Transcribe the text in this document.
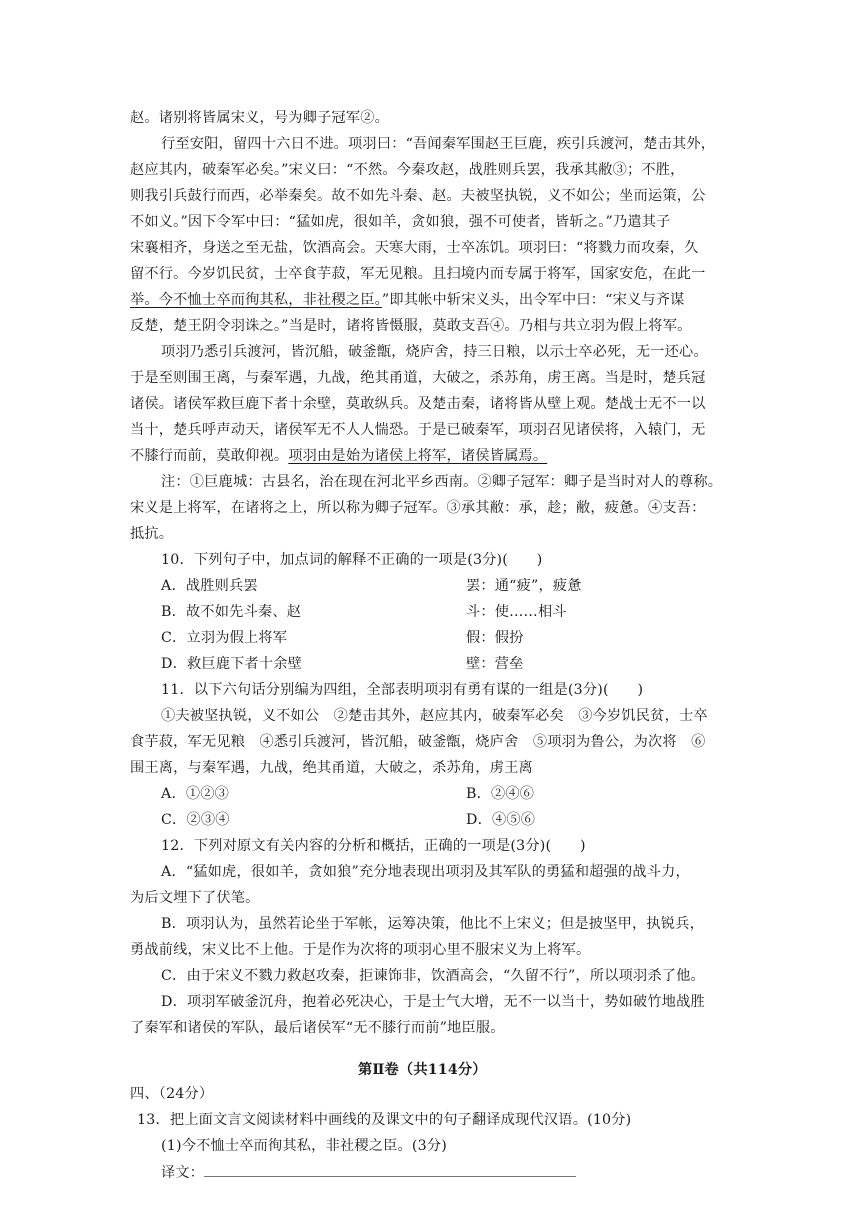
赵。诸别将皆属宋义，号为卿子冠军②。
行至安阳，留四十六日不进。项羽曰：“吾闻秦军围赵王巨鹿，疾引兵渡河，楚击其外，
赵应其内，破秦军必矣。”宋义曰：“不然。今秦攻赵，战胜则兵罢，我承其敝③；不胜，
则我引兵鼓行而西，必举秦矣。故不如先斗秦、赵。夫被坚执锐，义不如公；坐而运策，公
不如义。”因下令军中曰：“猛如虎，很如羊，贪如狼，强不可使者，皆斩之。”乃遣其子
宋襄相齐，身送之至无盐，饮酒高会。天寒大雨，士卒冻饥。项羽曰：“将戮力而攻秦，久
留不行。今岁饥民贫，士卒食芋菽，军无见粮。且扫境内而专属于将军，国家安危，在此一
举。今不恤士卒而徇其私，非社稷之臣。”即其帐中斩宋义头，出令军中曰：“宋义与齐谋
反楚，楚王阴令羽诛之。”当是时，诸将皆慑服，莫敢支吾④。乃相与共立羽为假上将军。
项羽乃悉引兵渡河，皆沉船，破釜甑，烧庐舍，持三日粮，以示士卒必死，无一还心。
于是至则围王离，与秦军遇，九战，绝其甬道，大破之，杀苏角，虏王离。当是时，楚兵冠
诸侯。诸侯军救巨鹿下者十余壁，莫敢纵兵。及楚击秦，诸将皆从壁上观。楚战士无不一以
当十，楚兵呼声动天，诸侯军无不人人惴恐。于是已破秦军，项羽召见诸侯将，入辕门，无
不膝行而前，莫敢仰视。项羽由是始为诸侯上将军，诸侯皆属焉。
注：①巨鹿城：古县名，治在现在河北平乡西南。②卿子冠军：卿子是当时对人的尊称。
宋义是上将军，在诸将之上，所以称为卿子冠军。③承其敝：承，趁；敝，疲惫。④支吾：
抵抗。
10．下列句子中，加点词的解释不正确的一项是(3分)(　　)
A．战胜则兵罢	罢：通“疲”，疲惫
B．故不如先斗秦、赵	斗：使……相斗
C．立羽为假上将军	假：假扮
D．救巨鹿下者十余壁	壁：营垒
11．以下六句话分别编为四组，全部表明项羽有勇有谋的一组是(3分)(　　)
①夫被坚执锐，义不如公　②楚击其外，赵应其内，破秦军必矣　③今岁饥民贫，士卒
食芋菽，军无见粮　④悉引兵渡河，皆沉船，破釜甑，烧庐舍　⑤项羽为鲁公，为次将　⑥
围王离，与秦军遇，九战，绝其甬道，大破之，杀苏角，虏王离
A．①②③	B．②④⑥
C．②③④	D．④⑤⑥
12．下列对原文有关内容的分析和概括，正确的一项是(3分)(　　)
A．“猛如虎，很如羊，贪如狼”充分地表现出项羽及其军队的勇猛和超强的战斗力，
为后文埋下了伏笔。
B．项羽认为，虽然若论坐于军帐，运筹决策，他比不上宋义；但是披坚甲，执锐兵，
勇战前线，宋义比不上他。于是作为次将的项羽心里不服宋义为上将军。
C．由于宋义不戮力救赵攻秦，拒谏饰非，饮酒高会，“久留不行”，所以项羽杀了他。
D．项羽军破釜沉舟，抱着必死决心，于是士气大增，无不一以当十，势如破竹地战胜
了秦军和诸侯的军队，最后诸侯军“无不膝行而前”地臣服。
第Ⅱ卷（共114分）
四、（24分）
13．把上面文言文阅读材料中画线的及课文中的句子翻译成现代汉语。(10分)
(1)今不恤士卒而徇其私，非社稷之臣。(3分)
译文：
